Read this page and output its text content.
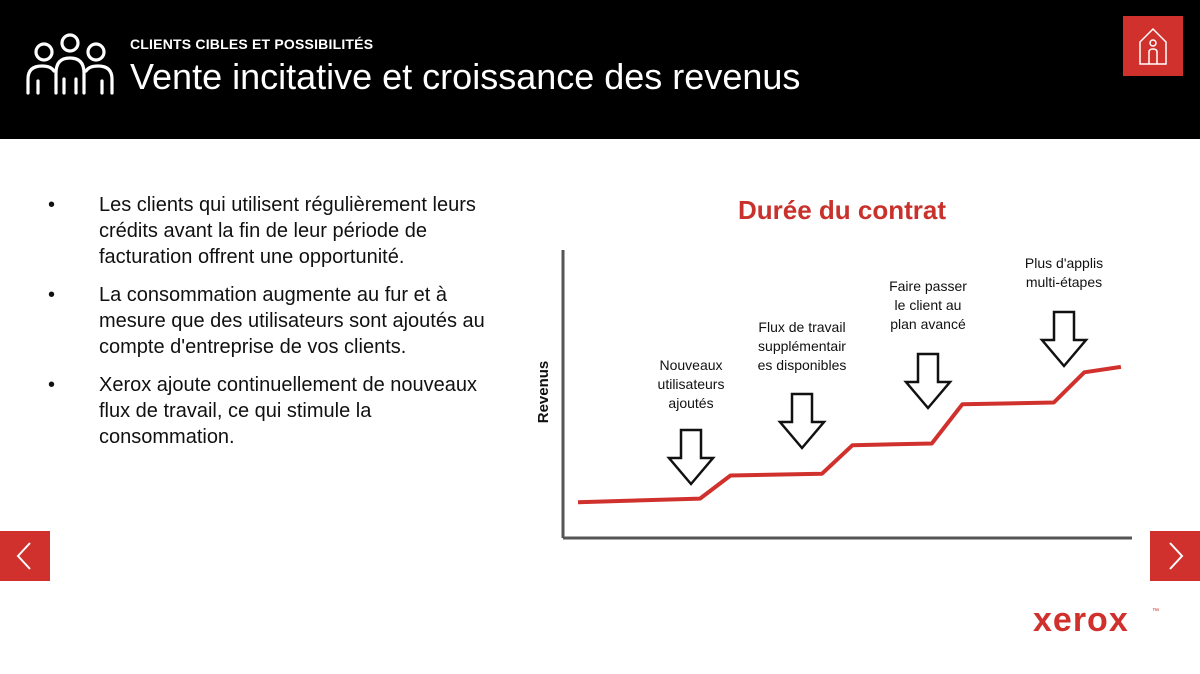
CLIENTS CIBLES ET POSSIBILITÉS
Vente incitative et croissance des revenus
• Les clients qui utilisent régulièrement leurs crédits avant la fin de leur période de facturation offrent une opportunité.
• La consommation augmente au fur et à mesure que des utilisateurs sont ajoutés au compte d'entreprise de vos clients.
• Xerox ajoute continuellement de nouveaux flux de travail, ce qui stimule la consommation.
Durée du contrat
Revenus	Nouveaux utilisateurs ajoutés
Flux de travail supplémentair es disponibles
Faire passer le client au plan avancé
Plus d'applis multi-étapes
xerox	™
